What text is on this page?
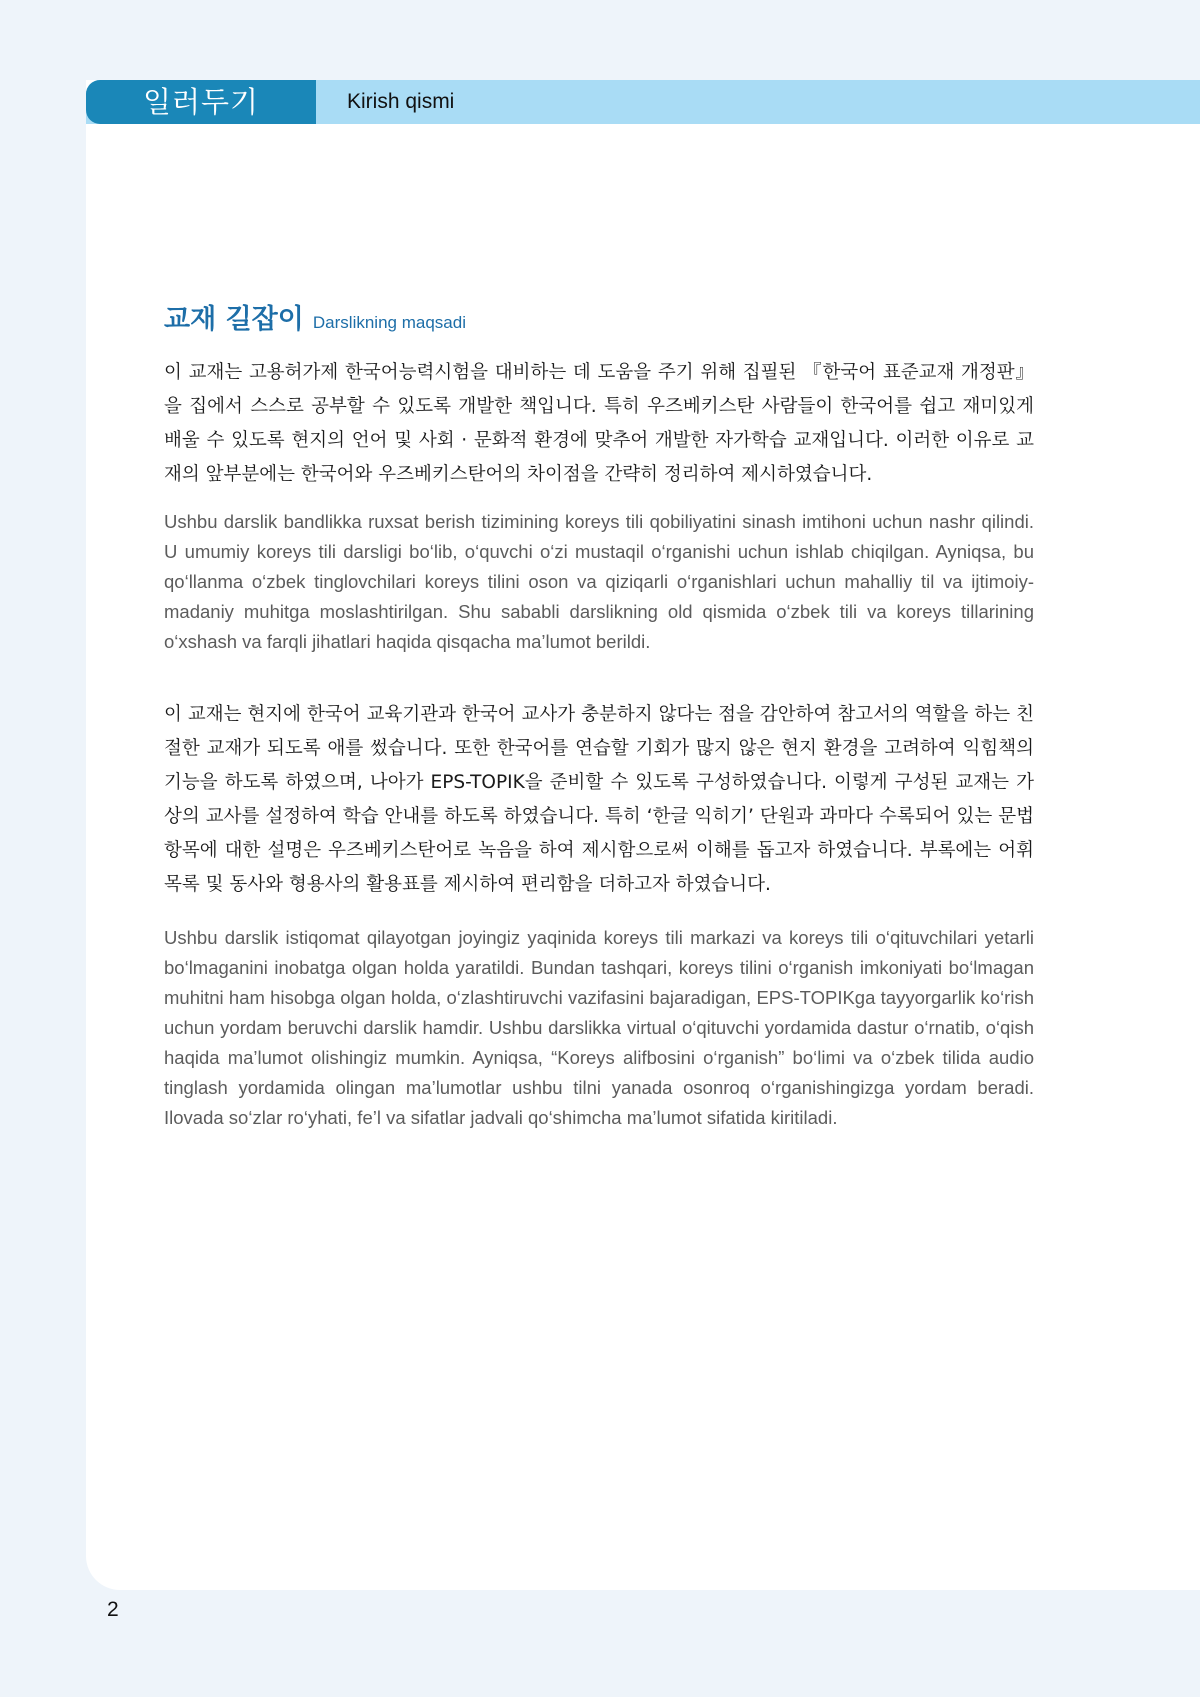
일러두기	Kirish qismi
교재 길잡이 Darslikning maqsadi

이 교재는 고용허가제 한국어능력시험을 대비하는 데 도움을 주기 위해 집필된 『한국어 표준교재 개정판』을 집에서 스스로 공부할 수 있도록 개발한 책입니다. 특히 우즈베키스탄 사람들이 한국어를 쉽고 재미있게 배울 수 있도록 현지의 언어 및 사회 · 문화적 환경에 맞추어 개발한 자가학습 교재입니다. 이러한 이유로 교재의 앞부분에는 한국어와 우즈베키스탄어의 차이점을 간략히 정리하여 제시하였습니다.

Ushbu darslik bandlikka ruxsat berish tizimining koreys tili qobiliyatini sinash imtihoni uchun nashr qilindi. U umumiy koreys tili darsligi bo‘lib, o‘quvchi o‘zi mustaqil o‘rganishi uchun ishlab chiqilgan. Ayniqsa, bu qo‘llanma o‘zbek tinglovchilari koreys tilini oson va qiziqarli o‘rganishlari uchun mahalliy til va ijtimoiy-madaniy muhitga moslashtirilgan. Shu sababli darslikning old qismida o‘zbek tili va koreys tillarining o‘xshash va farqli jihatlari haqida qisqacha ma’lumot berildi.

이 교재는 현지에 한국어 교육기관과 한국어 교사가 충분하지 않다는 점을 감안하여 참고서의 역할을 하는 친절한 교재가 되도록 애를 썼습니다. 또한 한국어를 연습할 기회가 많지 않은 현지 환경을 고려하여 익힘책의 기능을 하도록 하였으며, 나아가 EPS-TOPIK을 준비할 수 있도록 구성하였습니다. 이렇게 구성된 교재는 가상의 교사를 설정하여 학습 안내를 하도록 하였습니다. 특히 ‘한글 익히기’ 단원과 과마다 수록되어 있는 문법 항목에 대한 설명은 우즈베키스탄어로 녹음을 하여 제시함으로써 이해를 돕고자 하였습니다. 부록에는 어휘 목록 및 동사와 형용사의 활용표를 제시하여 편리함을 더하고자 하였습니다.

Ushbu darslik istiqomat qilayotgan joyingiz yaqinida koreys tili markazi va koreys tili o‘qituvchilari yetarli bo‘lmaganini inobatga olgan holda yaratildi. Bundan tashqari, koreys tilini o‘rganish imkoniyati bo‘lmagan muhitni ham hisobga olgan holda, o‘zlashtiruvchi vazifasini bajaradigan, EPS-TOPIKga tayyorgarlik ko‘rish uchun yordam beruvchi darslik hamdir. Ushbu darslikka virtual o‘qituvchi yordamida dastur o‘rnatib, o‘qish haqida ma’lumot olishingiz mumkin. Ayniqsa, “Koreys alifbosini o‘rganish” bo‘limi va o‘zbek tilida audio tinglash yordamida olingan ma’lumotlar ushbu tilni yanada osonroq o‘rganishingizga yordam beradi. Ilovada so‘zlar ro‘yhati, fe’l va sifatlar jadvali qo‘shimcha ma’lumot sifatida kiritiladi.

2
